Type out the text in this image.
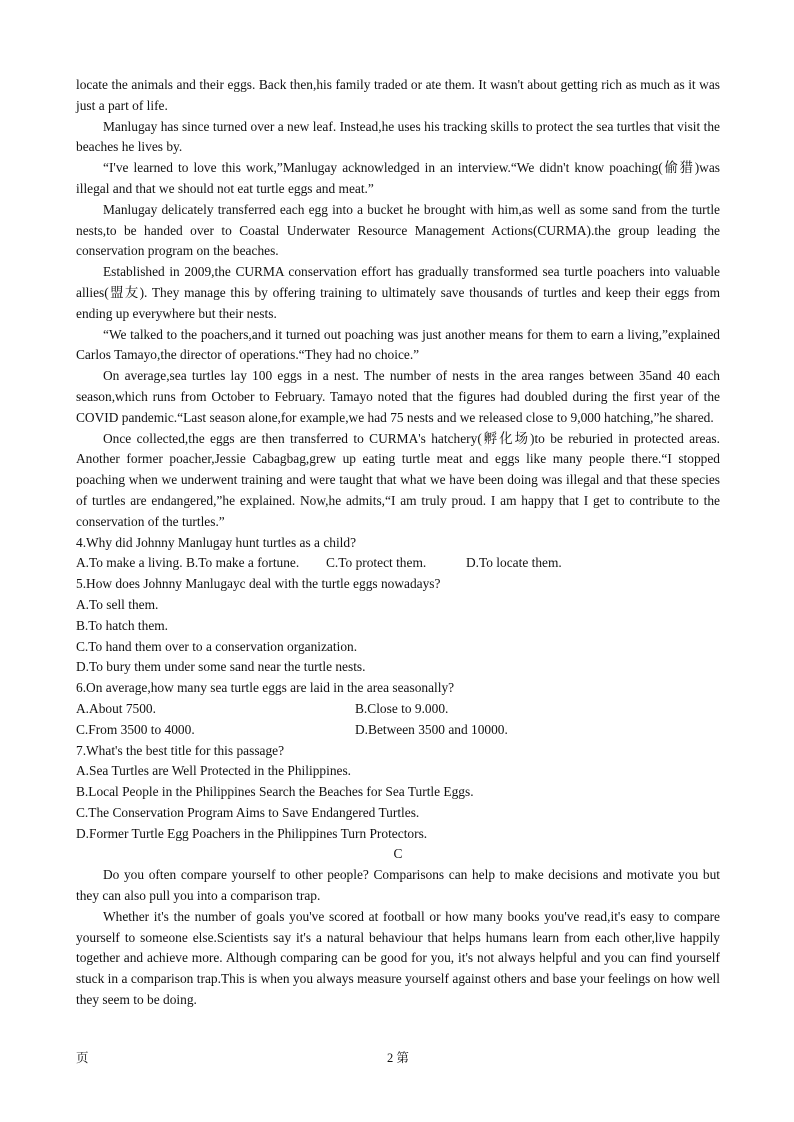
locate the animals and their eggs. Back then,his family traded or ate them. It wasn't about getting rich as much as it was just a part of life.

Manlugay has since turned over a new leaf. Instead,he uses his tracking skills to protect the sea turtles that visit the beaches he lives by.

“I've learned to love this work,”Manlugay acknowledged in an interview.“We didn't know poaching(偷猎)was illegal and that we should not eat turtle eggs and meat.”

Manlugay delicately transferred each egg into a bucket he brought with him,as well as some sand from the turtle nests,to be handed over to Coastal Underwater Resource Management Actions(CURMA).the group leading the conservation program on the beaches.

Established in 2009,the CURMA conservation effort has gradually transformed sea turtle poachers into valuable allies(盟友). They manage this by offering training to ultimately save thousands of turtles and keep their eggs from ending up everywhere but their nests.

“We talked to the poachers,and it turned out poaching was just another means for them to earn a living,”explained Carlos Tamayo,the director of operations.“They had no choice.”

On average,sea turtles lay 100 eggs in a nest. The number of nests in the area ranges between 35and 40 each season,which runs from October to February. Tamayo noted that the figures had doubled during the first year of the COVID pandemic.“Last season alone,for example,we had 75 nests and we released close to 9,000 hatching,”he shared.

Once collected,the eggs are then transferred to CURMA's hatchery(孵化场)to be reburied in protected areas. Another former poacher,Jessie Cabagbag,grew up eating turtle meat and eggs like many people there.“I stopped poaching when we underwent training and were taught that what we have been doing was illegal and that these species of turtles are endangered,”he explained. Now,he admits,“I am truly proud. I am happy that I get to contribute to the conservation of the turtles.”

4.Why did Johnny Manlugay hunt turtles as a child?

A.To make a living. B.To make a fortune. C.To protect them.	D.To locate them.

5.How does Johnny Manlugayc deal with the turtle eggs nowadays?

A.To sell them.

B.To hatch them.

C.To hand them over to a conservation organization.

D.To bury them under some sand near the turtle nests.

6.On average,how many sea turtle eggs are laid in the area seasonally?

A.About 7500.	B.Close to 9.000.

C.From 3500 to 4000.	D.Between 3500 and 10000.

7.What's the best title for this passage?

A.Sea Turtles are Well Protected in the Philippines.

B.Local People in the Philippines Search the Beaches for Sea Turtle Eggs.

C.The Conservation Program Aims to Save Endangered Turtles.

D.Former Turtle Egg Poachers in the Philippines Turn Protectors.

C

Do you often compare yourself to other people? Comparisons can help to make decisions and motivate you but they can also pull you into a comparison trap.

Whether it's the number of goals you've scored at football or how many books you've read,it's easy to compare yourself to someone else.Scientists say it's a natural behaviour that helps humans learn from each other,live happily together and achieve more. Although comparing can be good for you, it's not always helpful and you can find yourself stuck in a comparison trap.This is when you always measure yourself against others and base your feelings on how well they seem to be doing.

页	2 第
